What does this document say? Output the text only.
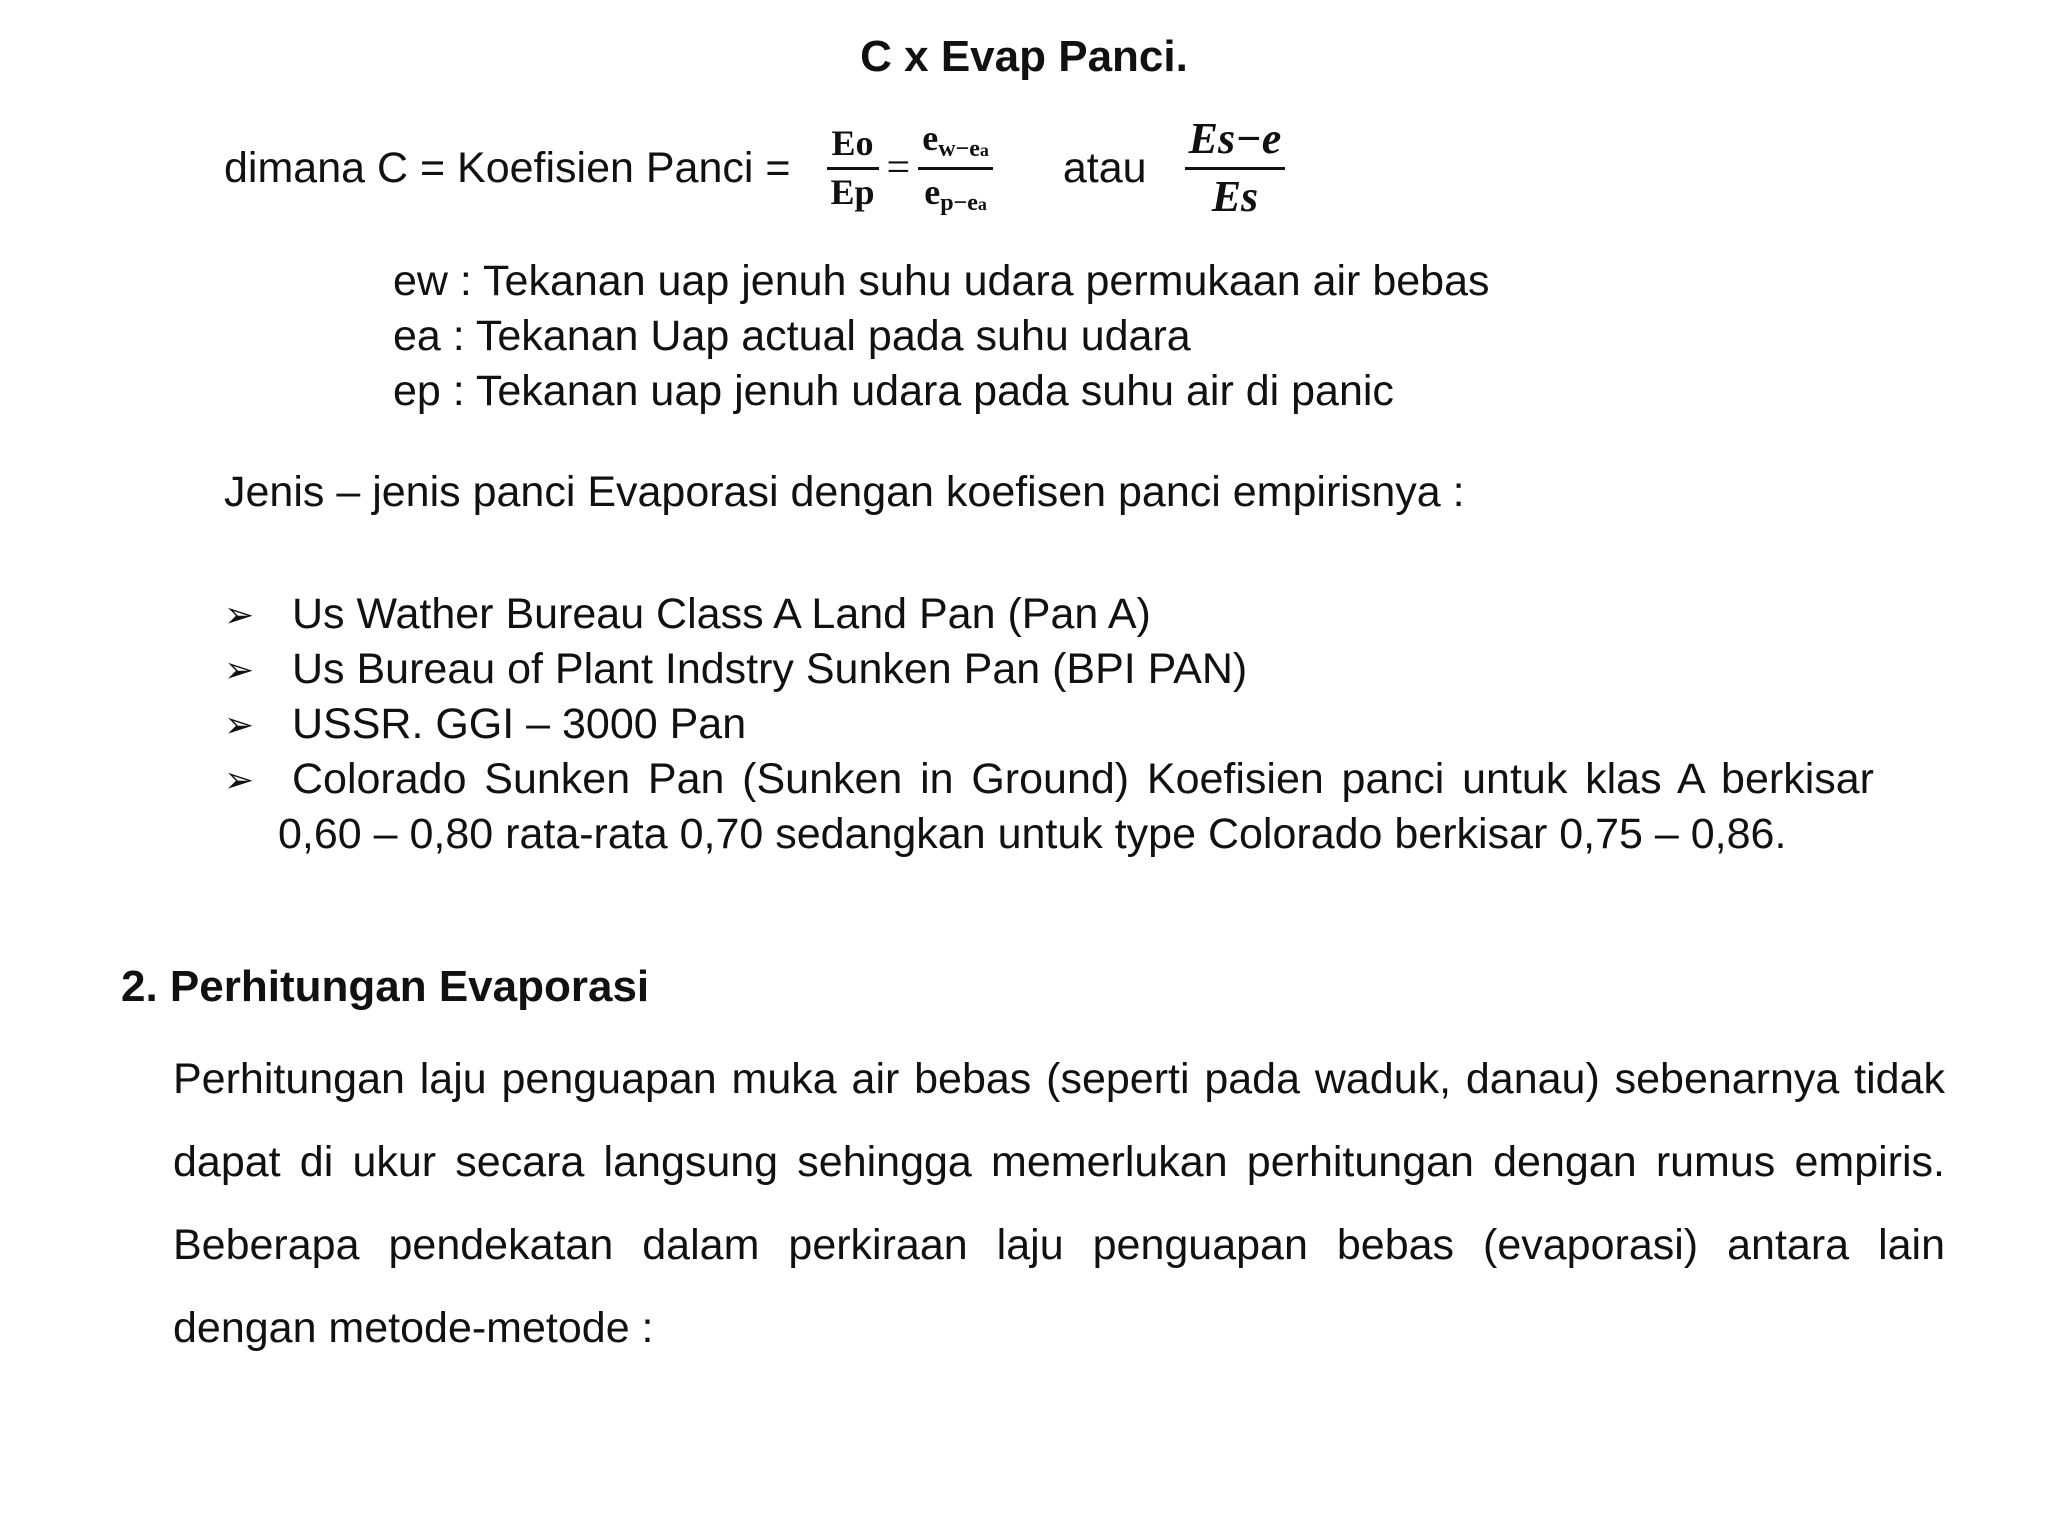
C x Evap Panci.
dimana C = Koefisien Panci = $\frac{Eo}{Ep} = \frac{e_{w-ea}}{e_{p-ea}}$ atau $\frac{Es-e}{Es}$
ew : Tekanan uap jenuh suhu udara permukaan air bebas
ea : Tekanan Uap actual pada suhu udara
ep : Tekanan uap jenuh udara pada suhu air di panic
Jenis – jenis panci Evaporasi dengan koefisen panci empirisnya :
➢ Us Wather Bureau Class A Land Pan (Pan A)
➢ Us Bureau of Plant Indstry Sunken Pan (BPI PAN)
➢ USSR. GGI – 3000 Pan
➢ Colorado Sunken Pan (Sunken in Ground) Koefisien panci untuk klas A berkisar 0,60 – 0,80 rata-rata 0,70 sedangkan untuk type Colorado berkisar 0,75 – 0,86.
2. Perhitungan Evaporasi

Perhitungan laju penguapan muka air bebas (seperti pada waduk, danau) sebenarnya tidak dapat di ukur secara langsung sehingga memerlukan perhitungan dengan rumus empiris. Beberapa pendekatan dalam perkiraan laju penguapan bebas (evaporasi) antara lain dengan metode-metode :
